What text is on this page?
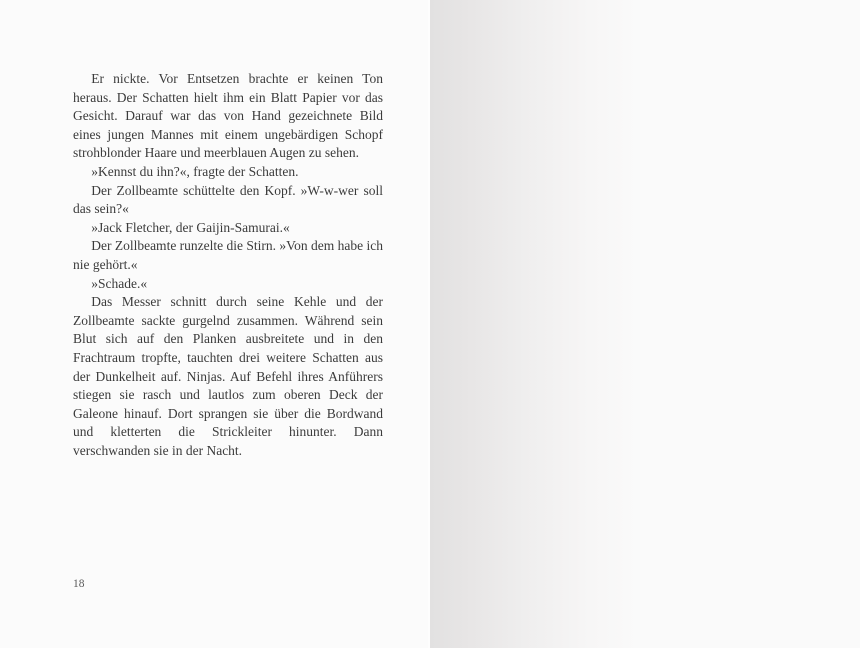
Er nickte. Vor Entsetzen brachte er keinen Ton heraus. Der Schatten hielt ihm ein Blatt Papier vor das Gesicht. Darauf war das von Hand gezeichnete Bild eines jungen Mannes mit einem ungebärdigen Schopf strohblonder Haare und meerblauen Augen zu sehen.

»Kennst du ihn?«, fragte der Schatten.

Der Zollbeamte schüttelte den Kopf. »W-w-wer soll das sein?«

»Jack Fletcher, der Gaijin-Samurai.«

Der Zollbeamte runzelte die Stirn. »Von dem habe ich nie gehört.«

»Schade.«

Das Messer schnitt durch seine Kehle und der Zollbeamte sackte gurgelnd zusammen. Während sein Blut sich auf den Planken ausbreitete und in den Frachtraum tropfte, tauchten drei weitere Schatten aus der Dunkelheit auf. Ninjas. Auf Befehl ihres Anführers stiegen sie rasch und lautlos zum oberen Deck der Galeone hinauf. Dort sprangen sie über die Bordwand und kletterten die Strickleiter hinunter. Dann verschwanden sie in der Nacht.

18
